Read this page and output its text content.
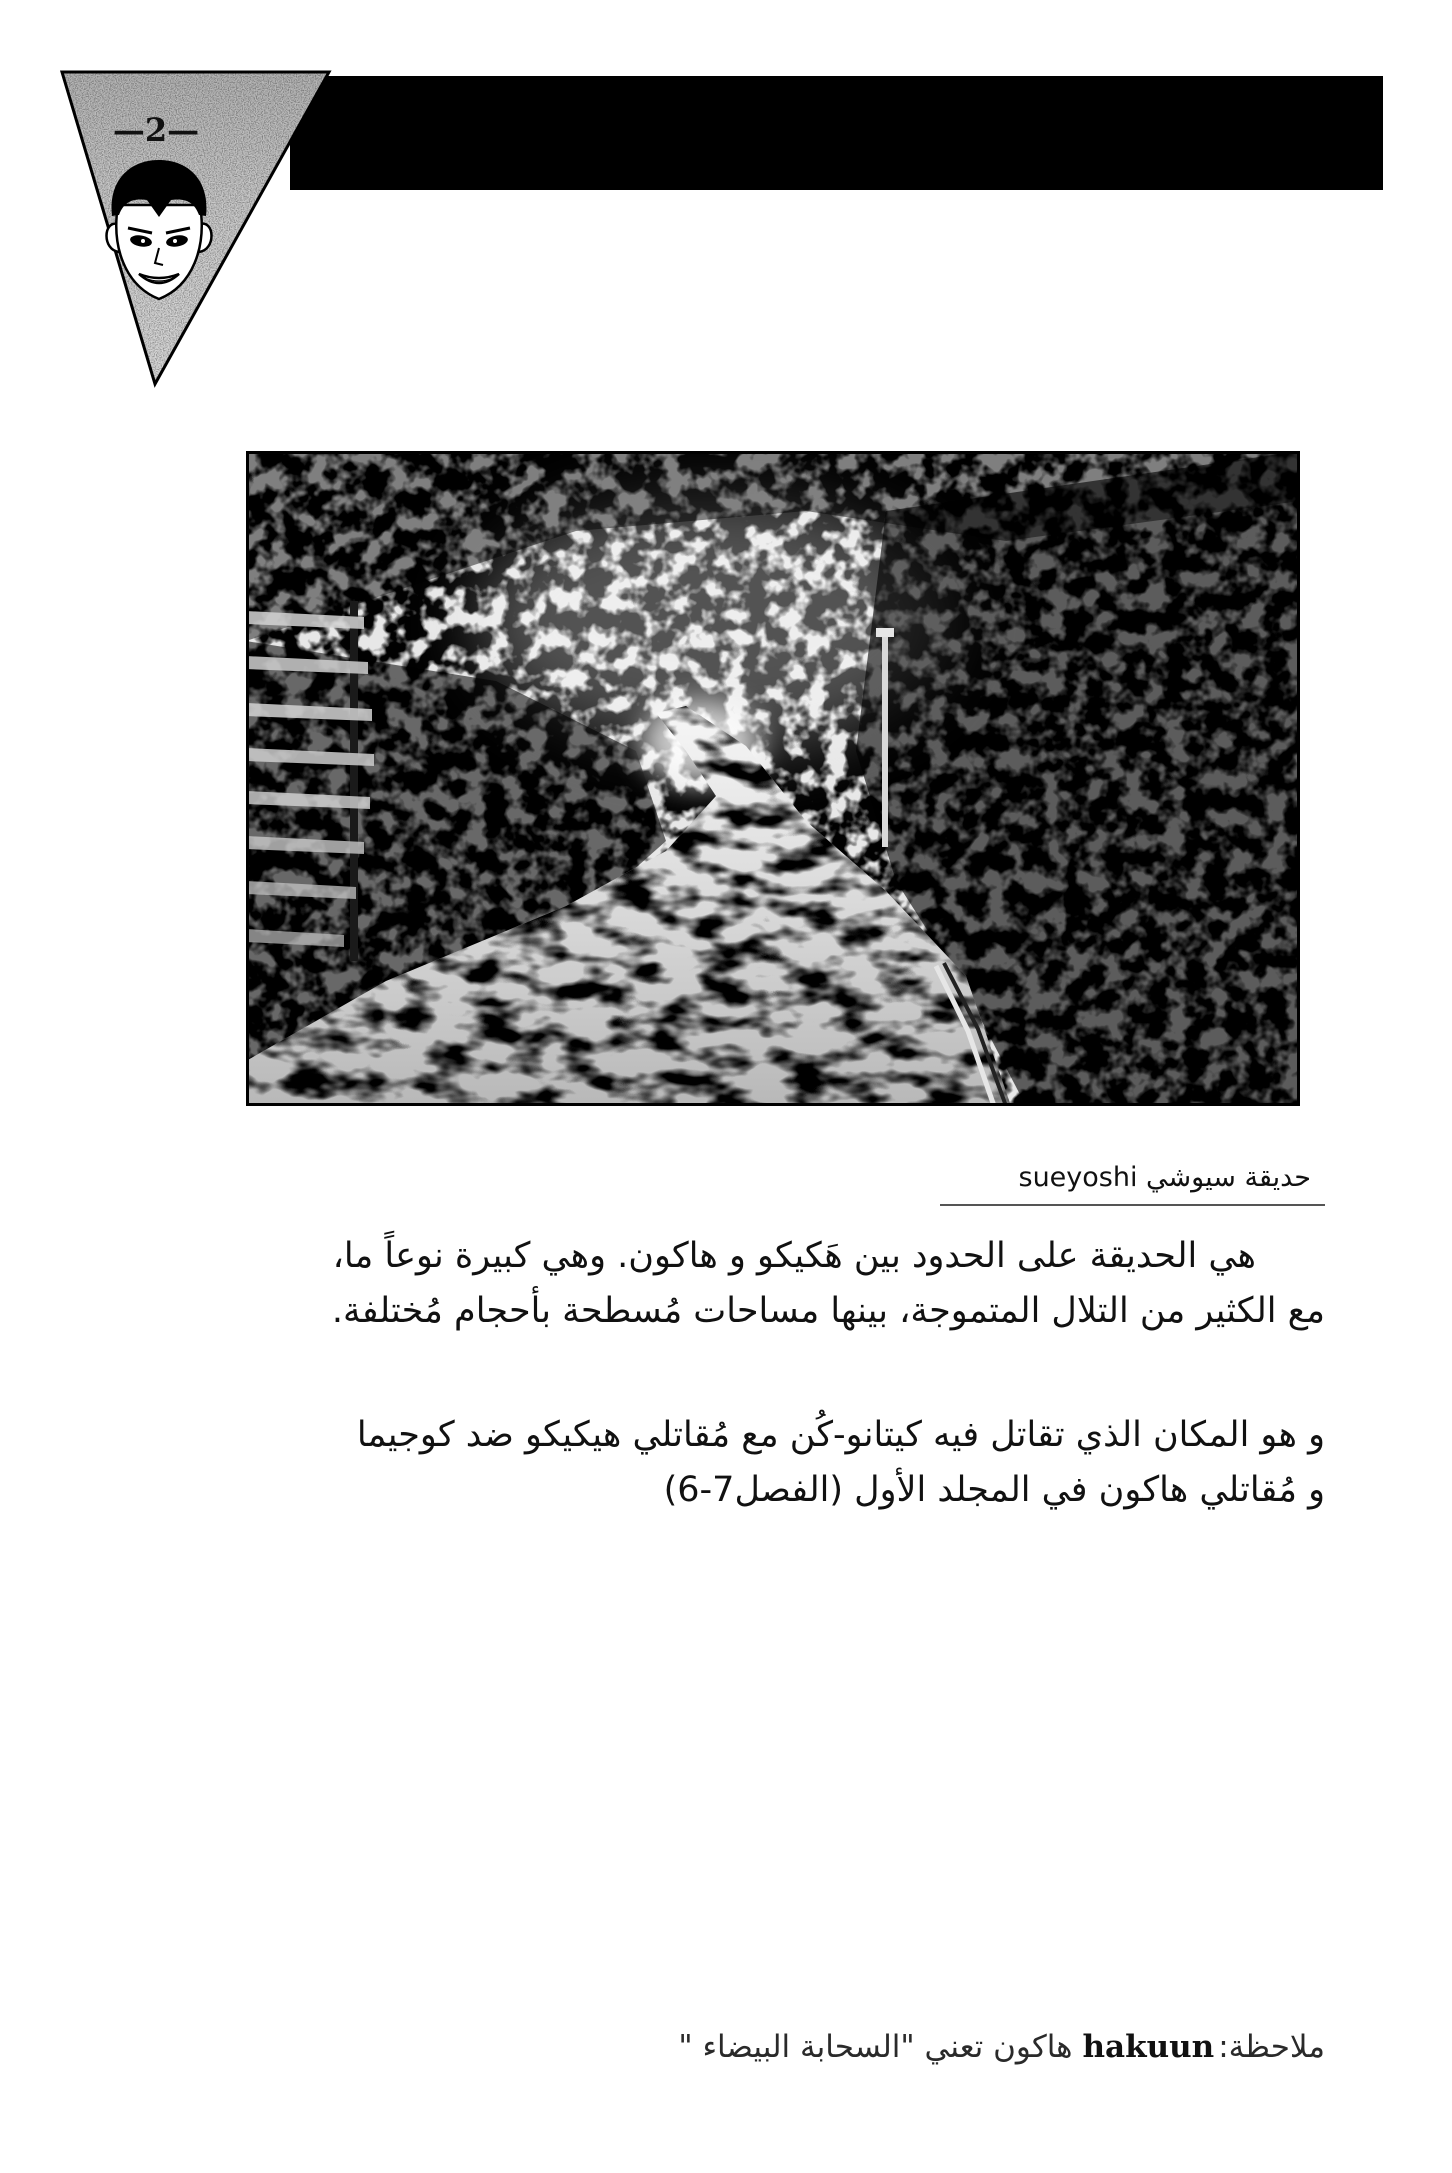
—2—
حديقة سيوشي sueyoshi
هي الحديقة على الحدود بين هَكيكو و هاكون. وهي كبيرة نوعاً ما،
مع الكثير من التلال المتموجة، بينها مساحات مُسطحة بأحجام مُختلفة.
و هو المكان الذي تقاتل فيه كيتانو-كُن مع مُقاتلي هيكيكو ضد كوجيما
و مُقاتلي هاكون في المجلد الأول (الفصل7-6)
ملاحظة:hakuunهاكون تعني "السحابة البيضاء "
